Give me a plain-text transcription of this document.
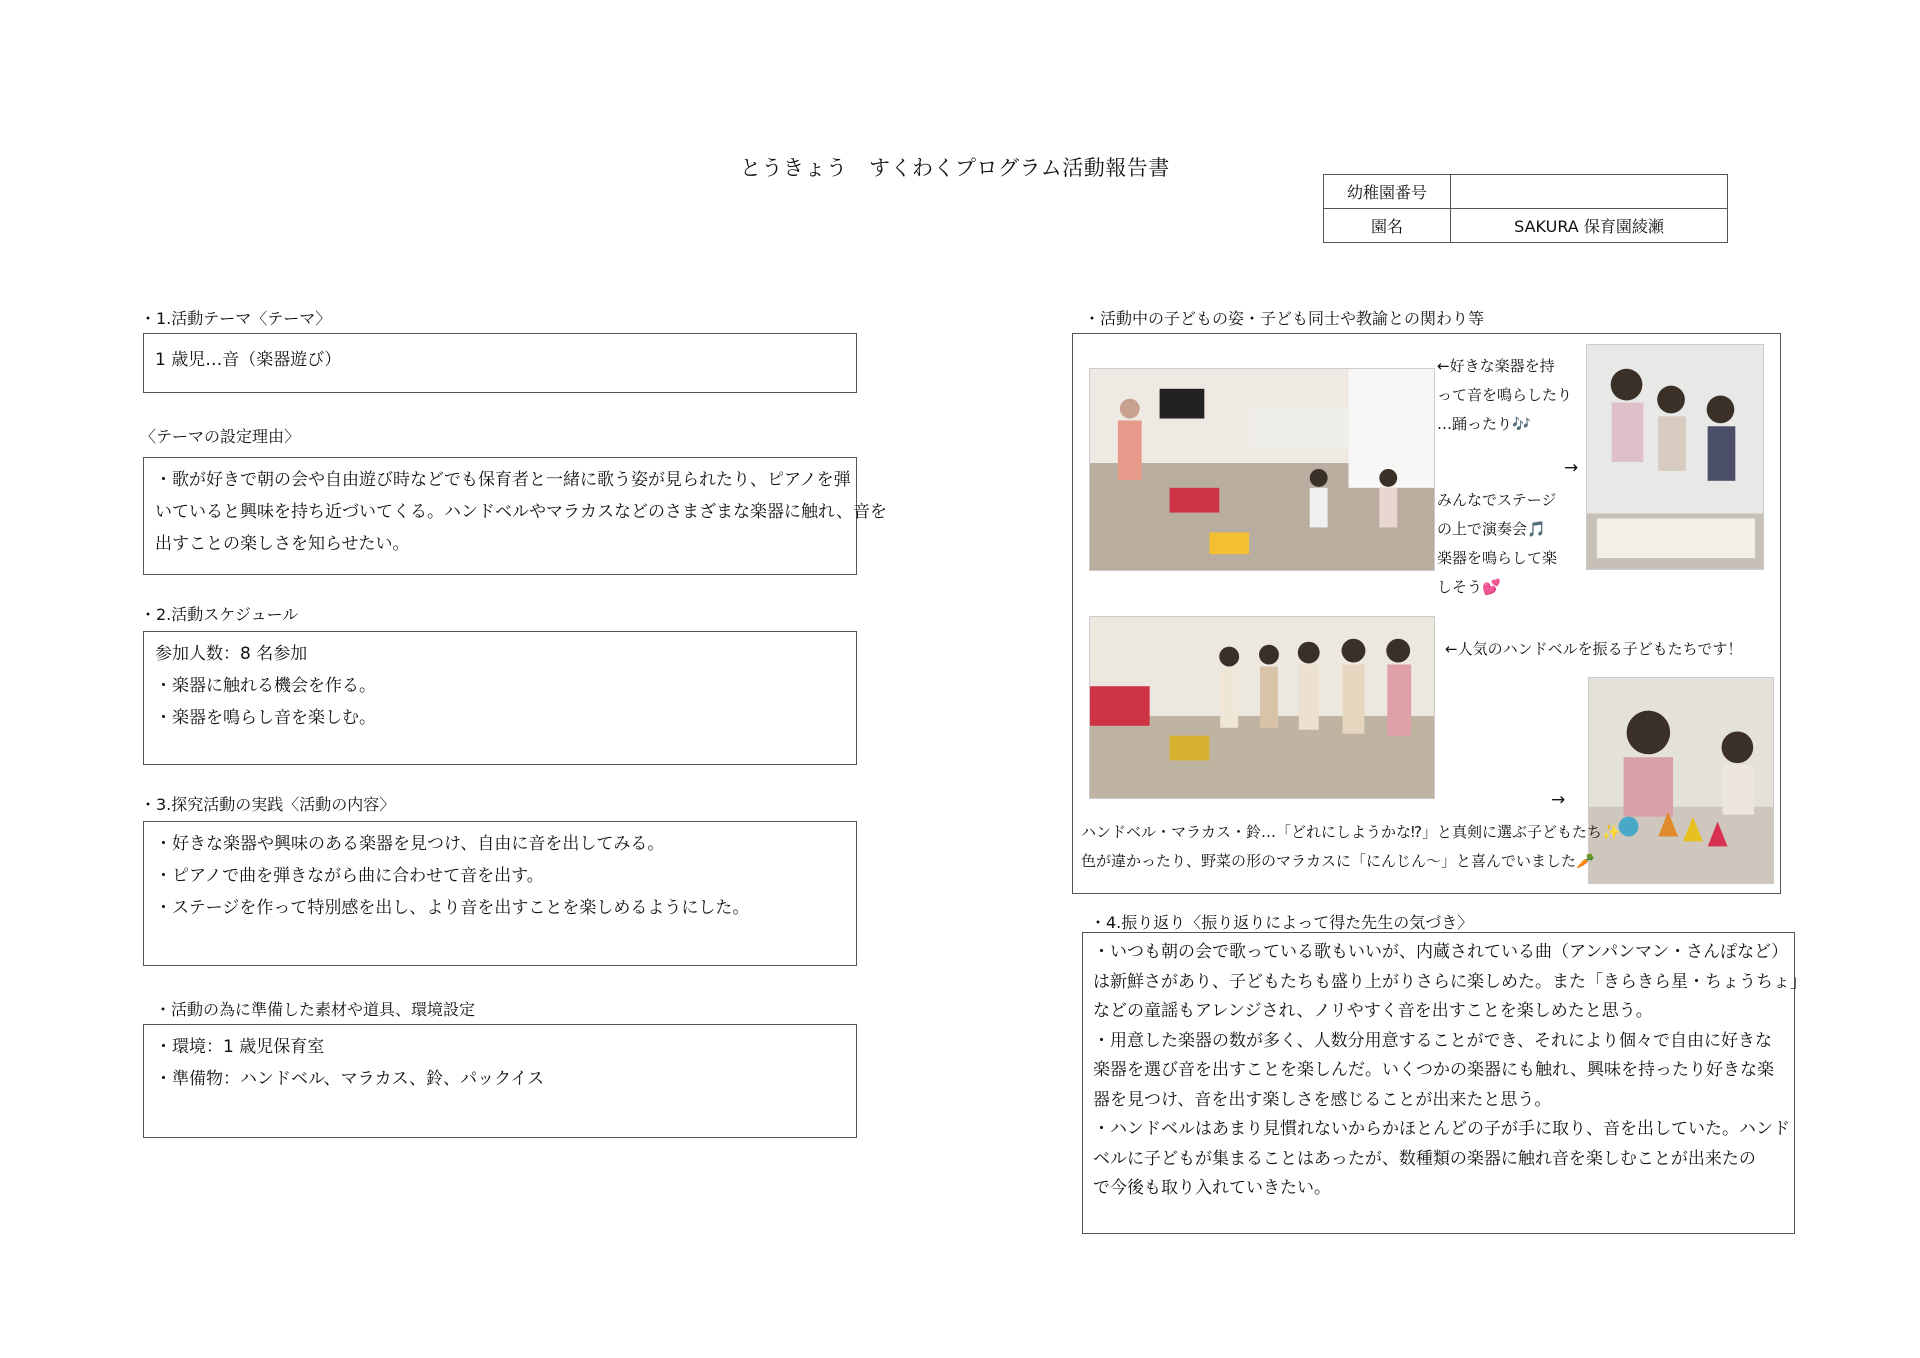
とうきょう　すくわくプログラム活動報告書
幼稚園番号	
園名	SAKURA 保育園綾瀬
・1.活動テーマ〈テーマ〉
1 歳児…音（楽器遊び）
〈テーマの設定理由〉
・歌が好きで朝の会や自由遊び時などでも保育者と一緒に歌う姿が見られたり、ピアノを弾
いていると興味を持ち近づいてくる。ハンドベルやマラカスなどのさまざまな楽器に触れ、音を
出すことの楽しさを知らせたい。
・2.活動スケジュール
参加人数：8 名参加
・楽器に触れる機会を作る。
・楽器を鳴らし音を楽しむ。
・3.探究活動の実践〈活動の内容〉
・好きな楽器や興味のある楽器を見つけ、自由に音を出してみる。
・ピアノで曲を弾きながら曲に合わせて音を出す。
・ステージを作って特別感を出し、より音を出すことを楽しめるようにした。
・活動の為に準備した素材や道具、環境設定
・環境：1 歳児保育室
・準備物：ハンドベル、マラカス、鈴、パックイス
・活動中の子どもの姿・子ども同士や教諭との関わり等
←好きな楽器を持
って音を鳴らしたり
…踊ったり🎶
→
みんなでステージ
の上で演奏会🎵
楽器を鳴らして楽
しそう💕
←人気のハンドベルを振る子どもたちです！
→
ハンドベル・マラカス・鈴…「どれにしようかな⁉」と真剣に選ぶ子どもたち✨
色が違かったり、野菜の形のマラカスに「にんじん～」と喜んでいました🥕
・4.振り返り〈振り返りによって得た先生の気づき〉
・いつも朝の会で歌っている歌もいいが、内蔵されている曲（アンパンマン・さんぽなど）
は新鮮さがあり、子どもたちも盛り上がりさらに楽しめた。また「きらきら星・ちょうちょ」
などの童謡もアレンジされ、ノリやすく音を出すことを楽しめたと思う。
・用意した楽器の数が多く、人数分用意することができ、それにより個々で自由に好きな
楽器を選び音を出すことを楽しんだ。いくつかの楽器にも触れ、興味を持ったり好きな楽
器を見つけ、音を出す楽しさを感じることが出来たと思う。
・ハンドベルはあまり見慣れないからかほとんどの子が手に取り、音を出していた。ハンド
ベルに子どもが集まることはあったが、数種類の楽器に触れ音を楽しむことが出来たの
で今後も取り入れていきたい。
